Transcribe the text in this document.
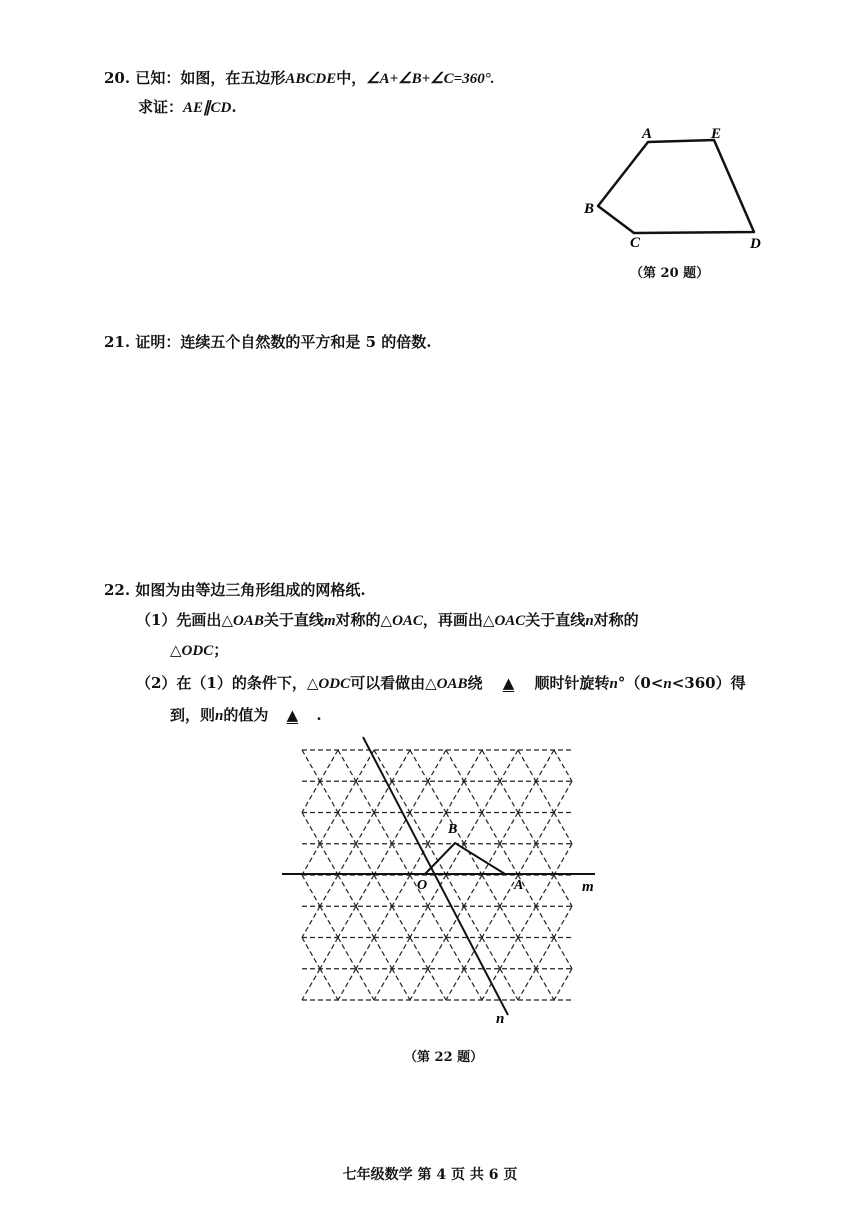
20. 已知：如图，在五边形ABCDE中，∠A+∠B+∠C=360°.
求证：AE∥CD.
A	E
B
C	D
（第 20 题）
21. 证明：连续五个自然数的平方和是 5 的倍数.
22. 如图为由等边三角形组成的网格纸.
（1）先画出△OAB关于直线m对称的△OAC，再画出△OAC关于直线n对称的
△ODC；
（2）在（1）的条件下，△ODC可以看做由△OAB绕 ▲ 顺时针旋转n°（0<n<360）得
到，则n的值为 ▲ .
B
O	A	m
n
（第 22 题）
七年级数学 第 4 页 共 6 页
